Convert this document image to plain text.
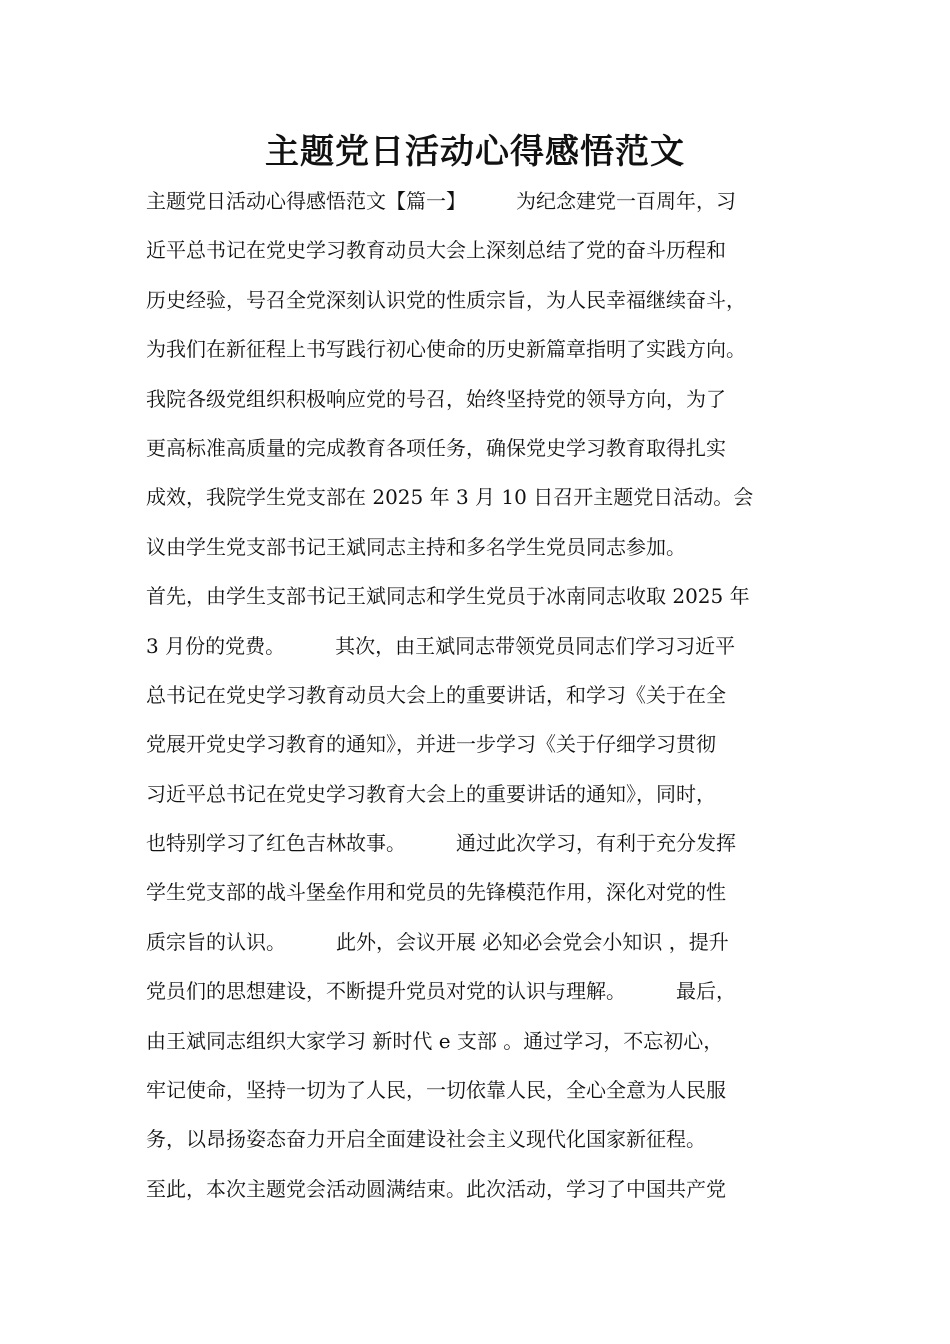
主题党日活动心得感悟范文
主题党日活动心得感悟范文【篇一】　　　为纪念建党一百周年，习
近平总书记在党史学习教育动员大会上深刻总结了党的奋斗历程和
历史经验，号召全党深刻认识党的性质宗旨，为人民幸福继续奋斗，
为我们在新征程上书写践行初心使命的历史新篇章指明了实践方向。
我院各级党组织积极响应党的号召，始终坚持党的领导方向，为了
更高标准高质量的完成教育各项任务，确保党史学习教育取得扎实
成效，我院学生党支部在 2025 年 3 月 10 日召开主题党日活动。会
议由学生党支部书记王斌同志主持和多名学生党员同志参加。
首先，由学生支部书记王斌同志和学生党员于冰南同志收取 2025 年
3 月份的党费。　　　其次，由王斌同志带领党员同志们学习习近平
总书记在党史学习教育动员大会上的重要讲话，和学习《关于在全
党展开党史学习教育的通知》，并进一步学习《关于仔细学习贯彻
习近平总书记在党史学习教育大会上的重要讲话的通知》，同时，
也特别学习了红色吉林故事。　　　通过此次学习，有利于充分发挥
学生党支部的战斗堡垒作用和党员的先锋模范作用，深化对党的性
质宗旨的认识。　　　此外，会议开展 必知必会党会小知识 ，提升
党员们的思想建设，不断提升党员对党的认识与理解。　　　最后，
由王斌同志组织大家学习 新时代 e 支部 。通过学习，不忘初心，
牢记使命，坚持一切为了人民，一切依靠人民，全心全意为人民服
务，以昂扬姿态奋力开启全面建设社会主义现代化国家新征程。
至此，本次主题党会活动圆满结束。此次活动，学习了中国共产党
